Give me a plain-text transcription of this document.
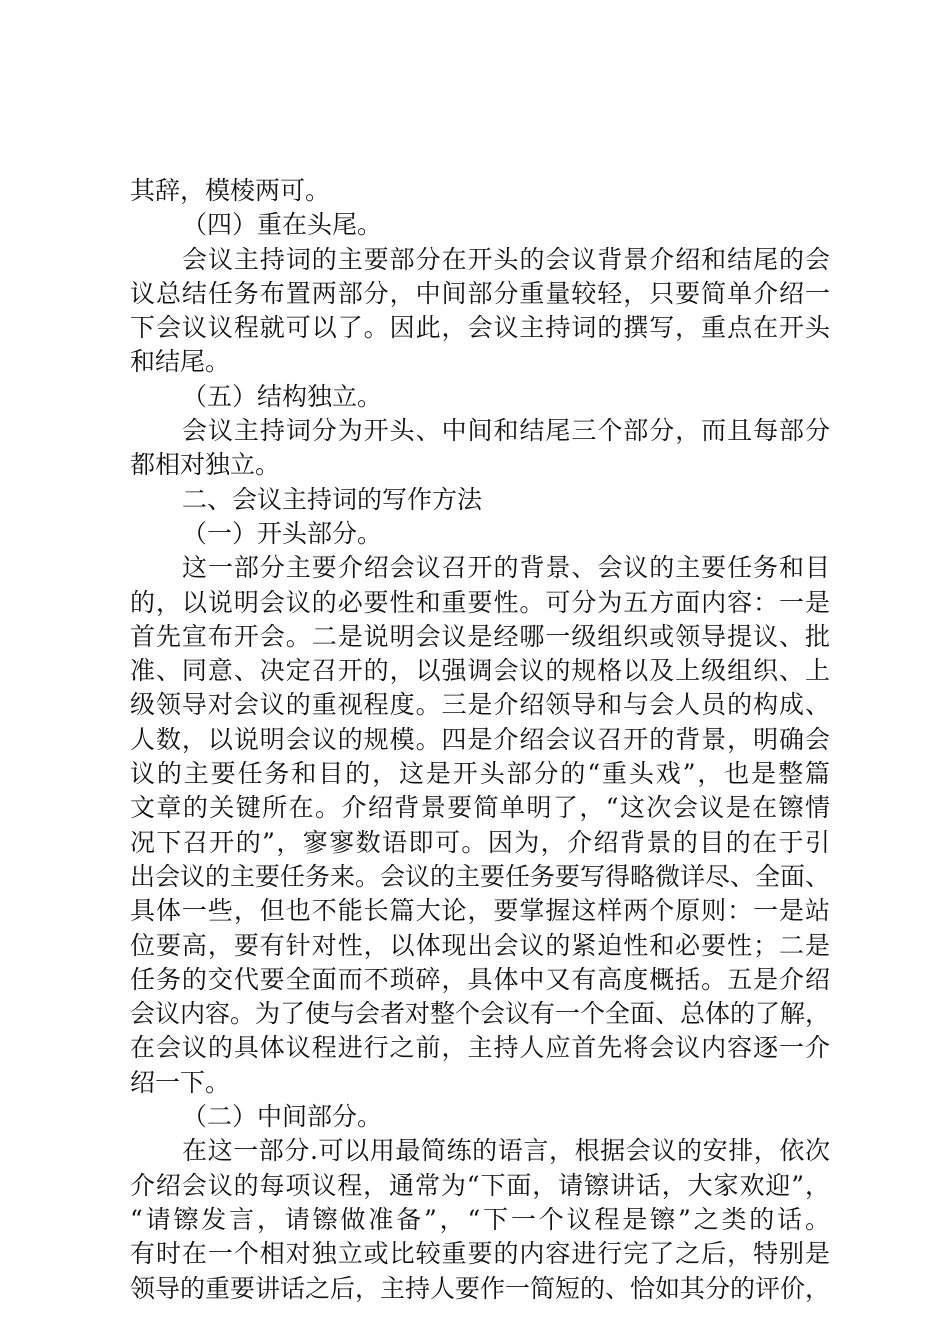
其辞，模棱两可。
（四）重在头尾。
会议主持词的主要部分在开头的会议背景介绍和结尾的会
议总结任务布置两部分，中间部分重量较轻，只要简单介绍一
下会议议程就可以了。因此，会议主持词的撰写，重点在开头
和结尾。
（五）结构独立。
会议主持词分为开头、中间和结尾三个部分，而且每部分
都相对独立。
二、会议主持词的写作方法
（一）开头部分。
这一部分主要介绍会议召开的背景、会议的主要任务和目
的，以说明会议的必要性和重要性。可分为五方面内容：一是
首先宣布开会。二是说明会议是经哪一级组织或领导提议、批
准、同意、决定召开的，以强调会议的规格以及上级组织、上
级领导对会议的重视程度。三是介绍领导和与会人员的构成、
人数，以说明会议的规模。四是介绍会议召开的背景，明确会
议的主要任务和目的，这是开头部分的“重头戏”，也是整篇
文章的关键所在。介绍背景要简单明了，“这次会议是在镲情
况下召开的”，寥寥数语即可。因为，介绍背景的目的在于引
出会议的主要任务来。会议的主要任务要写得略微详尽、全面、
具体一些，但也不能长篇大论，要掌握这样两个原则：一是站
位要高，要有针对性，以体现出会议的紧迫性和必要性；二是
任务的交代要全面而不琐碎，具体中又有高度概括。五是介绍
会议内容。为了使与会者对整个会议有一个全面、总体的了解，
在会议的具体议程进行之前，主持人应首先将会议内容逐一介
绍一下。
（二）中间部分。
在这一部分.可以用最简练的语言，根据会议的安排，依次
介绍会议的每项议程，通常为“下面，请镲讲话，大家欢迎”，
“请镲发言，请镲做准备”，“下一个议程是镲”之类的话。
有时在一个相对独立或比较重要的内容进行完了之后，特别是
领导的重要讲话之后，主持人要作一简短的、恰如其分的评价，
